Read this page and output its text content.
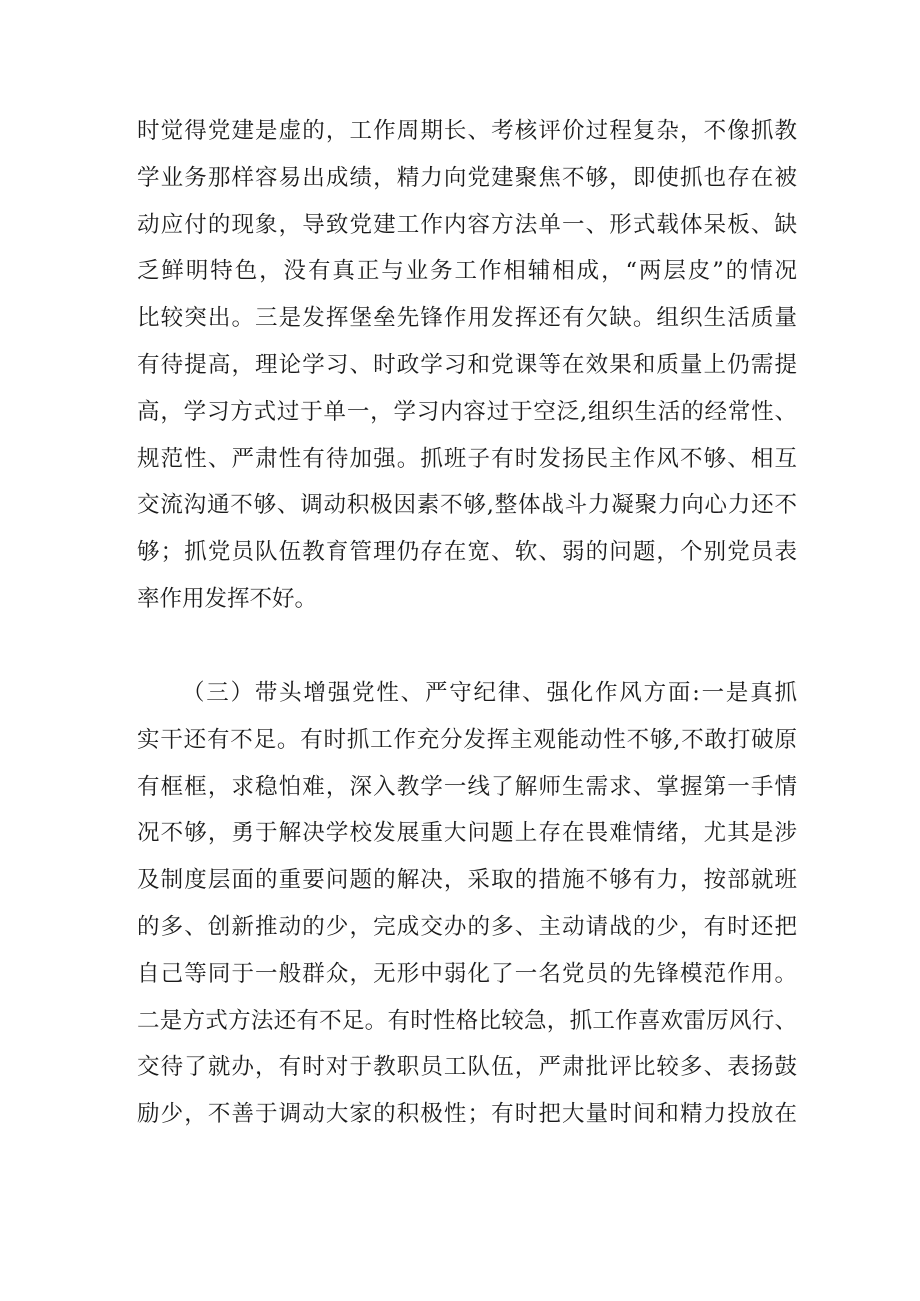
时觉得党建是虚的，工作周期长、考核评价过程复杂，不像抓教
学业务那样容易出成绩，精力向党建聚焦不够，即使抓也存在被
动应付的现象，导致党建工作内容方法单一、形式载体呆板、缺
乏鲜明特色，没有真正与业务工作相辅相成，“两层皮”的情况
比较突出。三是发挥堡垒先锋作用发挥还有欠缺。组织生活质量
有待提高，理论学习、时政学习和党课等在效果和质量上仍需提
高，学习方式过于单一，学习内容过于空泛,组织生活的经常性、
规范性、严肃性有待加强。抓班子有时发扬民主作风不够、相互
交流沟通不够、调动积极因素不够,整体战斗力凝聚力向心力还不
够；抓党员队伍教育管理仍存在宽、软、弱的问题，个别党员表
率作用发挥不好。
（三）带头增强党性、严守纪律、强化作风方面:一是真抓
实干还有不足。有时抓工作充分发挥主观能动性不够,不敢打破原
有框框，求稳怕难，深入教学一线了解师生需求、掌握第一手情
况不够，勇于解决学校发展重大问题上存在畏难情绪，尤其是涉
及制度层面的重要问题的解决，采取的措施不够有力，按部就班
的多、创新推动的少，完成交办的多、主动请战的少，有时还把
自己等同于一般群众，无形中弱化了一名党员的先锋模范作用。
二是方式方法还有不足。有时性格比较急，抓工作喜欢雷厉风行、
交待了就办，有时对于教职员工队伍，严肃批评比较多、表扬鼓
励少，不善于调动大家的积极性；有时把大量时间和精力投放在
